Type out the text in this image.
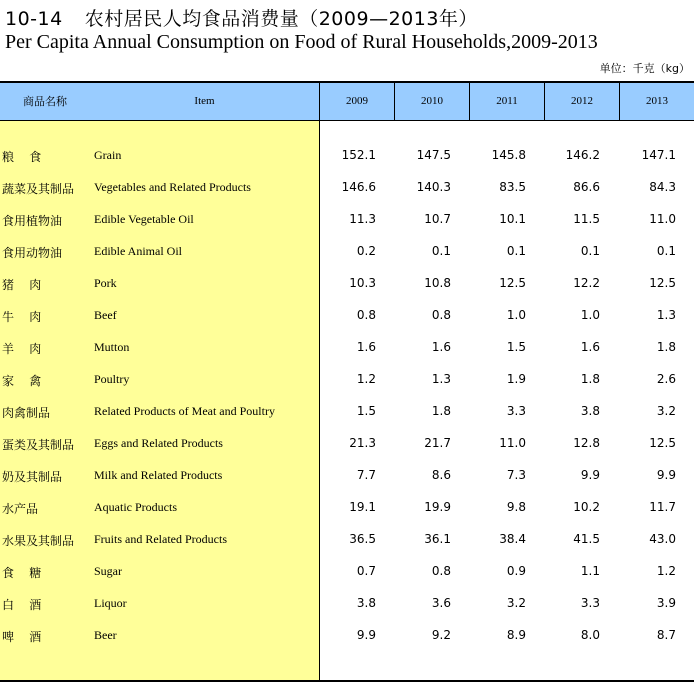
10-14 农村居民人均食品消费量（2009—2013年）
Per Capita Annual Consumption on Food of Rural Households,2009-2013
单位：千克（kg）
商品名称	Item	2009	2010	2011	2012	2013
粮    食	Grain	152.1	147.5	145.8	146.2	147.1
蔬菜及其制品 Vegetables and Related Products	146.6	140.3	83.5	86.6	84.3
食用植物油	Edible Vegetable Oil	11.3	10.7	10.1	11.5	11.0
食用动物油	Edible Animal Oil	0.2	0.1	0.1	0.1	0.1
猪    肉	Pork	10.3	10.8	12.5	12.2	12.5
牛    肉	Beef	0.8	0.8	1.0	1.0	1.3
羊    肉	Mutton	1.6	1.6	1.5	1.6	1.8
家    禽	Poultry	1.2	1.3	1.9	1.8	2.6
肉禽制品	Related Products of Meat and Poultry	1.5	1.8	3.3	3.8	3.2
蛋类及其制品 Eggs and Related Products	21.3	21.7	11.0	12.8	12.5
奶及其制品	Milk and Related Products	7.7	8.6	7.3	9.9	9.9
水产品	Aquatic Products	19.1	19.9	9.8	10.2	11.7
水果及其制品 Fruits and Related Products	36.5	36.1	38.4	41.5	43.0
食    糖	Sugar	0.7	0.8	0.9	1.1	1.2
白    酒	Liquor	3.8	3.6	3.2	3.3	3.9
啤    酒	Beer	9.9	9.2	8.9	8.0	8.7
